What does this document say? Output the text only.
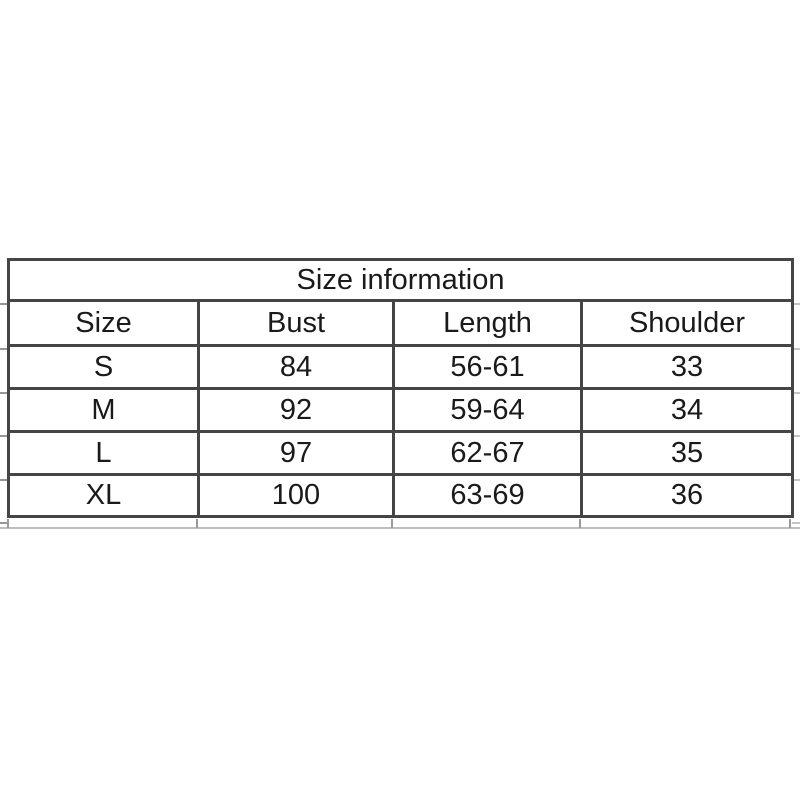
Size information			
Size	Bust	Length	Shoulder
S	84	56-61	33
M	92	59-64	34
L	97	62-67	35
XL	100	63-69	36
